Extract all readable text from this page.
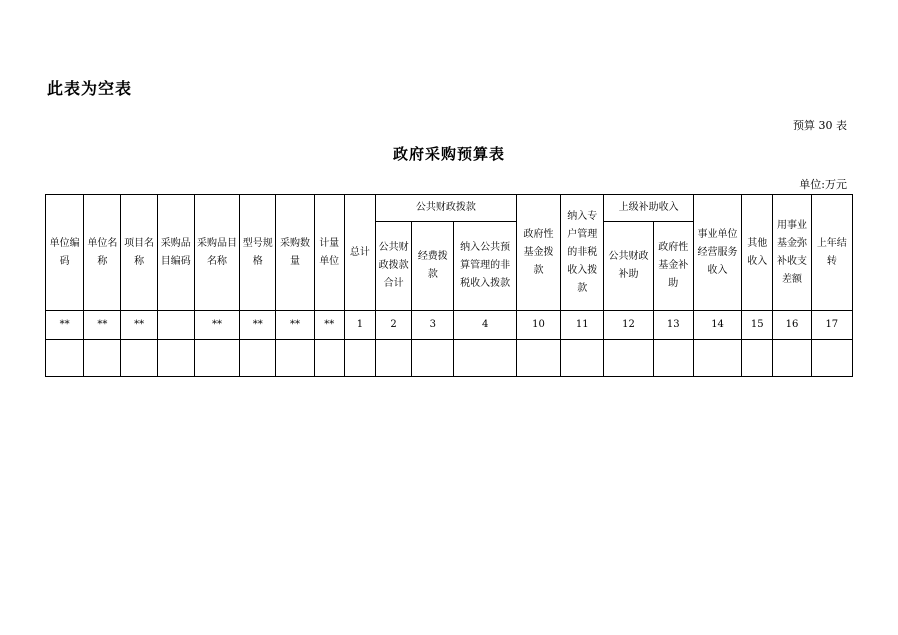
此表为空表
预算 30 表
政府采购预算表
单位:万元
单位编码	单位名称	项目名称	采购品目编码	采购品目名称	型号规格	采购数量	计量单位	总计	公共财政拨款			政府性基金拨款	纳入专户管理的非税收入拨款	上级补助收入		事业单位经营服务收入	其他收入	用事业基金弥补收支差额	上年结转
									公共财政拨款合计	经费拨款	纳入公共预算管理的非税收入拨款			公共财政补助	政府性基金补助				
**	**	**		**	**	**	**	1	2	3	4	10	11	12	13	14	15	16	17
